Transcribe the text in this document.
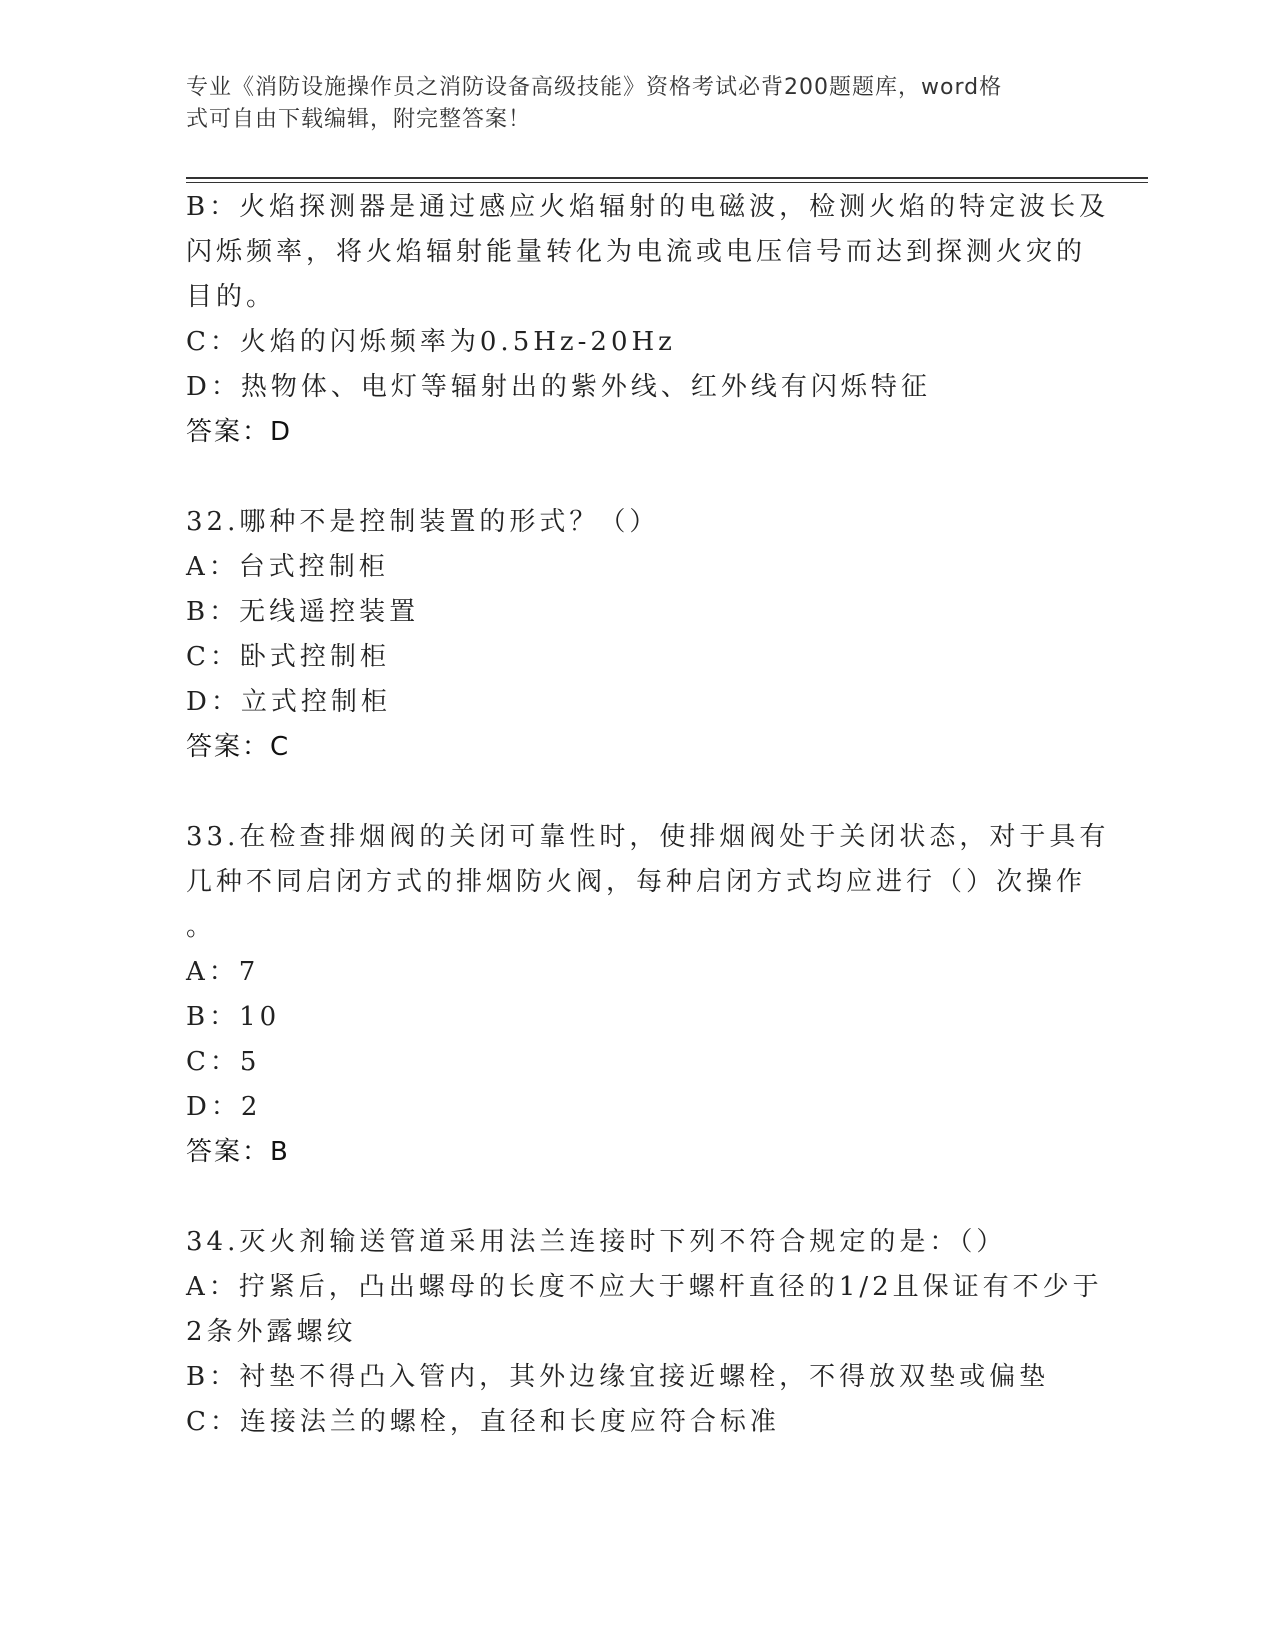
专业《消防设施操作员之消防设备高级技能》资格考试必背200题题库，word格
式可自由下载编辑，附完整答案！
B：火焰探测器是通过感应火焰辐射的电磁波，检测火焰的特定波长及
闪烁频率，将火焰辐射能量转化为电流或电压信号而达到探测火灾的
目的。
C：火焰的闪烁频率为0.5Hz-20Hz
D：热物体、电灯等辐射出的紫外线、红外线有闪烁特征
答案：D
32.哪种不是控制装置的形式？（）
A：台式控制柜
B：无线遥控装置
C：卧式控制柜
D：立式控制柜
答案：C
33.在检查排烟阀的关闭可靠性时，使排烟阀处于关闭状态，对于具有
几种不同启闭方式的排烟防火阀，每种启闭方式均应进行（）次操作
。
A：7
B：10
C：5
D：2
答案：B
34.灭火剂输送管道采用法兰连接时下列不符合规定的是：（）
A：拧紧后，凸出螺母的长度不应大于螺杆直径的1/2且保证有不少于
2条外露螺纹
B：衬垫不得凸入管内，其外边缘宜接近螺栓，不得放双垫或偏垫
C：连接法兰的螺栓，直径和长度应符合标准
